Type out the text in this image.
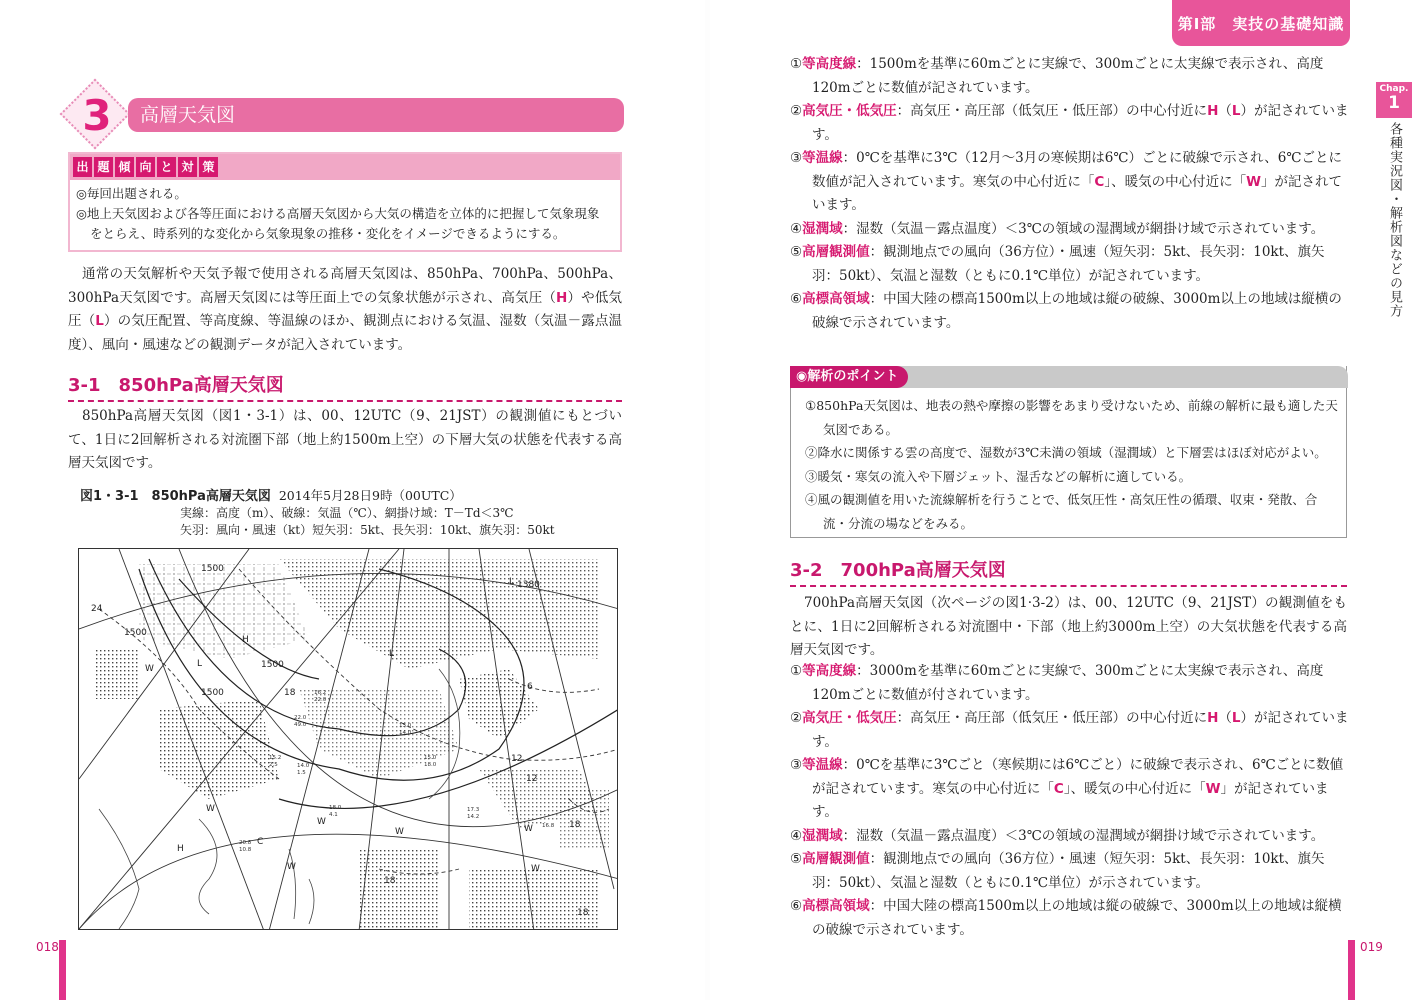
第Ⅰ部　実技の基礎知識
Chap.
1
各種実況図・解析図などの見方
3	高層天気図
出 題 傾 向 と 対 策
◎毎回出題される。
◎地上天気図および各等圧面における高層天気図から大気の構造を立体的に把握して気象現象
をとらえ、時系列的な変化から気象現象の推移・変化をイメージできるようにする。
通常の天気解析や天気予報で使用される高層天気図は、850hPa、700hPa、500hPa、300hPa天気図です。高層天気図には等圧面上での気象状態が示され、高気圧（H）や低気圧（L）の気圧配置、等高度線、等温線のほか、観測点における気温、湿数（気温－露点温度）、風向・風速などの観測データが記入されています。
3-1　850hPa高層天気図
850hPa高層天気図（図1・3-1）は、00、12UTC（9、21JST）の観測値にもとづいて、1日に2回解析される対流圏下部（地上約1500m上空）の下層大気の状態を代表する高層天気図です。
図1・3-1　850hPa高層天気図 2014年5月28日9時（00UTC）
実線：高度（m）、破線：気温（℃）、網掛け域：T－Td＜3℃
矢羽：風向・風速（kt）短矢羽：5kt、長矢羽：10kt、旗矢羽：50kt
1500
1500
1500
1500
1380
24
18
12
12
6
18
18
18
H
H
L
L
L
W
W
W
W	W
W
W
C
22.0
49.0
16.2
22.0
15.2
2.5	14.0
1.5
13.0
14.0
15.0
18.0
20.8
10.8
17.3
14.2
16.8
18.0
4.1
018
①等高度線：1500mを基準に60mごとに実線で、300mごとに太実線で表示され、高度120mごとに数値が記されています。
②高気圧・低気圧：高気圧・高圧部（低気圧・低圧部）の中心付近にH（L）が記されています。
③等温線：0℃を基準に3℃（12月～3月の寒候期は6℃）ごとに破線で示され、6℃ごとに数値が記入されています。寒気の中心付近に「C」、暖気の中心付近に「W」が記されています。
④湿潤域：湿数（気温－露点温度）＜3℃の領域の湿潤域が網掛け域で示されています。
⑤高層観測値：観測地点での風向（36方位）・風速（短矢羽：5kt、長矢羽：10kt、旗矢羽：50kt）、気温と湿数（ともに0.1℃単位）が記されています。
⑥高標高領域：中国大陸の標高1500m以上の地域は縦の破線、3000m以上の地域は縦横の破線で示されています。
◉解析のポイント
①850hPa天気図は、地表の熱や摩擦の影響をあまり受けないため、前線の解析に最も適した天気図である。
②降水に関係する雲の高度で、湿数が3℃未満の領域（湿潤域）と下層雲はほぼ対応がよい。
③暖気・寒気の流入や下層ジェット、湿舌などの解析に適している。
④風の観測値を用いた流線解析を行うことで、低気圧性・高気圧性の循環、収束・発散、合流・分流の場などをみる。
3-2　700hPa高層天気図
700hPa高層天気図（次ページの図1·3-2）は、00、12UTC（9、21JST）の観測値をもとに、1日に2回解析される対流圏中・下部（地上約3000m上空）の大気状態を代表する高層天気図です。
①等高度線：3000mを基準に60mごとに実線で、300mごとに太実線で表示され、高度120mごとに数値が付されています。
②高気圧・低気圧：高気圧・高圧部（低気圧・低圧部）の中心付近にH（L）が記されています。
③等温線：0℃を基準に3℃ごと（寒候期には6℃ごと）に破線で表示され、6℃ごとに数値が記されています。寒気の中心付近に「C」、暖気の中心付近に「W」が記されています。
④湿潤域：湿数（気温－露点温度）＜3℃の領域の湿潤域が網掛け域で示されています。
⑤高層観測値：観測地点での風向（36方位）・風速（短矢羽：5kt、長矢羽：10kt、旗矢羽：50kt）、気温と湿数（ともに0.1℃単位）が示されています。
⑥高標高領域：中国大陸の標高1500m以上の地域は縦の破線で、3000m以上の地域は縦横の破線で示されています。
019
